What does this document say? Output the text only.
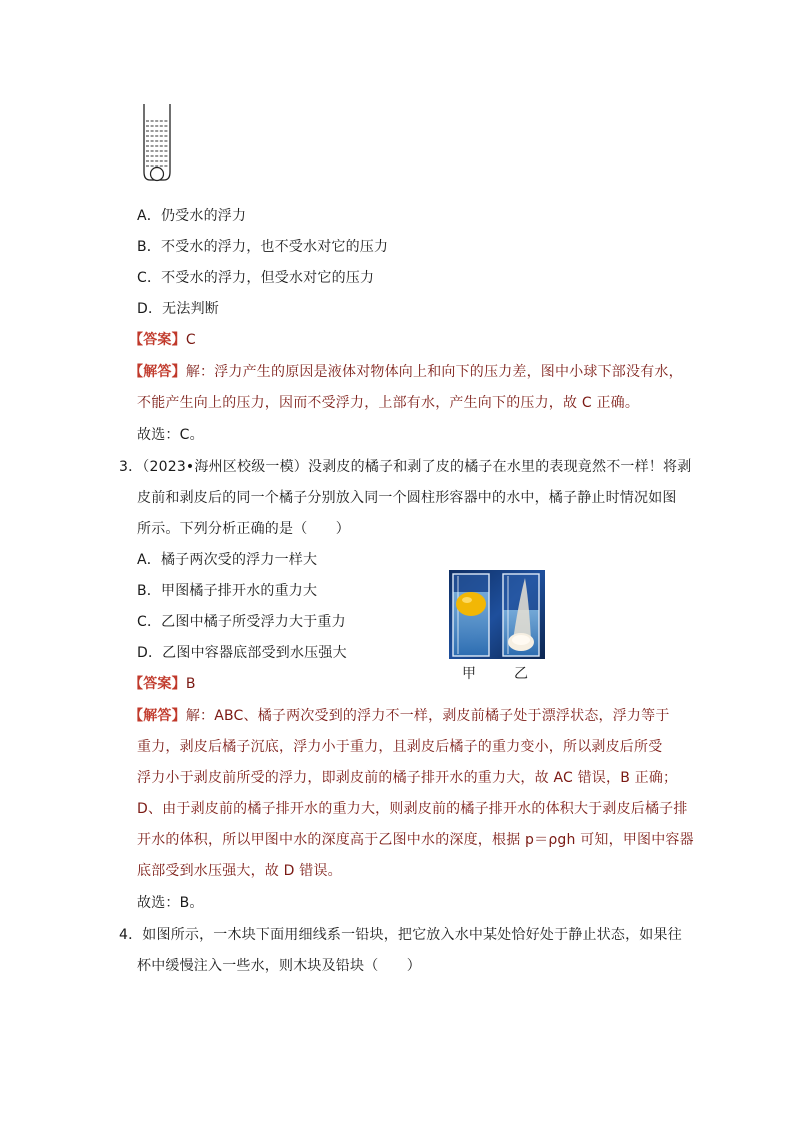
A．仍受水的浮力
B．不受水的浮力，也不受水对它的压力
C．不受水的浮力，但受水对它的压力
D．无法判断
【答案】C
【解答】解：浮力产生的原因是液体对物体向上和向下的压力差，图中小球下部没有水，
不能产生向上的压力，因而不受浮力，上部有水，产生向下的压力，故 C 正确。
故选：C。
3．（2023•海州区校级一模）没剥皮的橘子和剥了皮的橘子在水里的表现竟然不一样！将剥
皮前和剥皮后的同一个橘子分别放入同一个圆柱形容器中的水中，橘子静止时情况如图
所示。下列分析正确的是（　　）
A．橘子两次受的浮力一样大
B．甲图橘子排开水的重力大
C．乙图中橘子所受浮力大于重力
D．乙图中容器底部受到水压强大
甲	乙
【答案】B
【解答】解：ABC、橘子两次受到的浮力不一样，剥皮前橘子处于漂浮状态，浮力等于
重力，剥皮后橘子沉底，浮力小于重力，且剥皮后橘子的重力变小，所以剥皮后所受
浮力小于剥皮前所受的浮力，即剥皮前的橘子排开水的重力大，故 AC 错误，B 正确；
D、由于剥皮前的橘子排开水的重力大，则剥皮前的橘子排开水的体积大于剥皮后橘子排
开水的体积，所以甲图中水的深度高于乙图中水的深度，根据 p＝ρgh 可知，甲图中容器
底部受到水压强大，故 D 错误。
故选：B。
4．如图所示，一木块下面用细线系一铅块，把它放入水中某处恰好处于静止状态，如果往
杯中缓慢注入一些水，则木块及铅块（　　）
